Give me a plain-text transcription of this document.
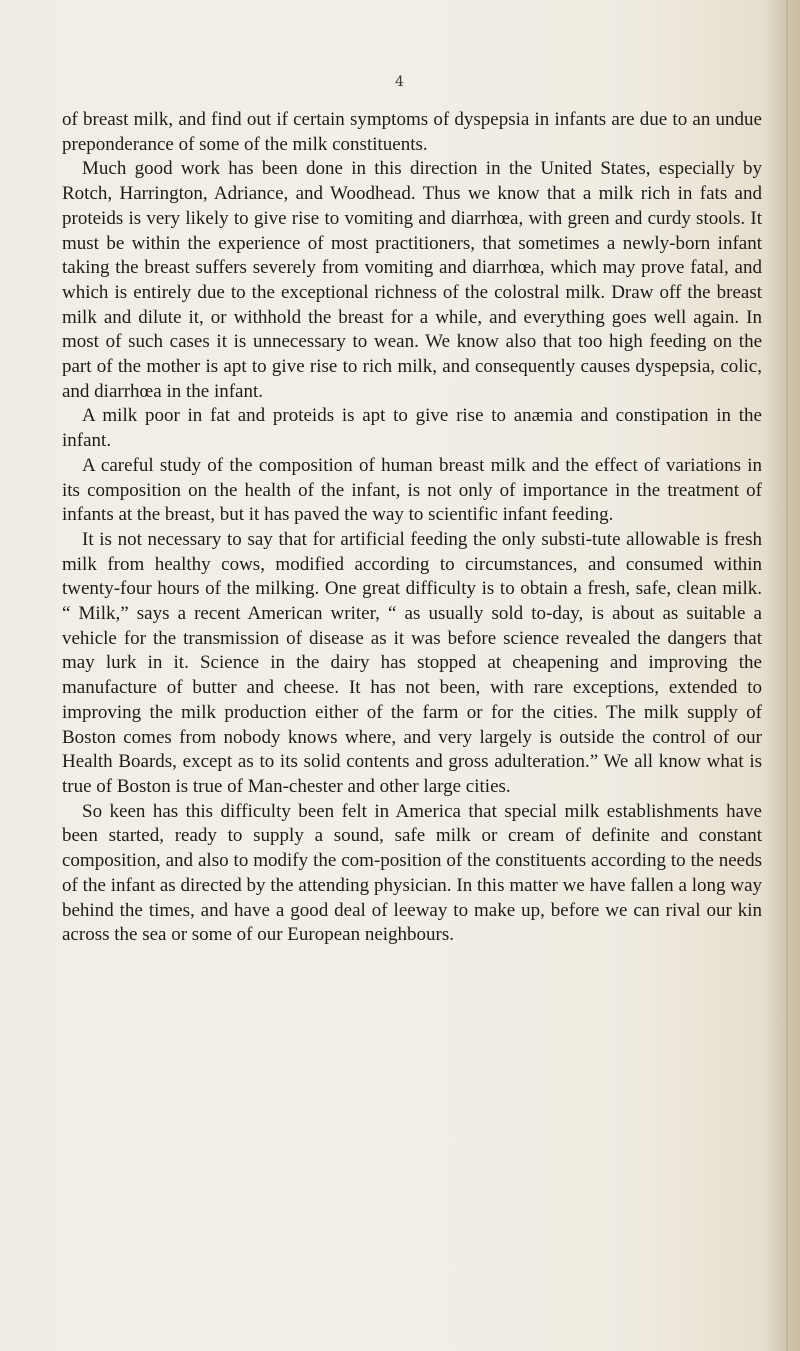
4

of breast milk, and find out if certain symptoms of dyspepsia in infants are due to an undue preponderance of some of the milk constituents.

Much good work has been done in this direction in the United States, especially by Rotch, Harrington, Adriance, and Woodhead. Thus we know that a milk rich in fats and proteids is very likely to give rise to vomiting and diarrhœa, with green and curdy stools. It must be within the experience of most practitioners, that sometimes a newly-born infant taking the breast suffers severely from vomiting and diarrhœa, which may prove fatal, and which is entirely due to the exceptional richness of the colostral milk. Draw off the breast milk and dilute it, or withhold the breast for a while, and everything goes well again. In most of such cases it is unnecessary to wean. We know also that too high feeding on the part of the mother is apt to give rise to rich milk, and consequently causes dyspepsia, colic, and diarrhœa in the infant.

A milk poor in fat and proteids is apt to give rise to anæmia and constipation in the infant.

A careful study of the composition of human breast milk and the effect of variations in its composition on the health of the infant, is not only of importance in the treatment of infants at the breast, but it has paved the way to scientific infant feeding.

It is not necessary to say that for artificial feeding the only substi-tute allowable is fresh milk from healthy cows, modified according to circumstances, and consumed within twenty-four hours of the milking. One great difficulty is to obtain a fresh, safe, clean milk. “ Milk,” says a recent American writer, “ as usually sold to-day, is about as suitable a vehicle for the transmission of disease as it was before science revealed the dangers that may lurk in it. Science in the dairy has stopped at cheapening and improving the manufacture of butter and cheese. It has not been, with rare exceptions, extended to improving the milk production either of the farm or for the cities. The milk supply of Boston comes from nobody knows where, and very largely is outside the control of our Health Boards, except as to its solid contents and gross adulteration.” We all know what is true of Boston is true of Man-chester and other large cities.

So keen has this difficulty been felt in America that special milk establishments have been started, ready to supply a sound, safe milk or cream of definite and constant composition, and also to modify the com-position of the constituents according to the needs of the infant as directed by the attending physician. In this matter we have fallen a long way behind the times, and have a good deal of leeway to make up, before we can rival our kin across the sea or some of our European neighbours.
